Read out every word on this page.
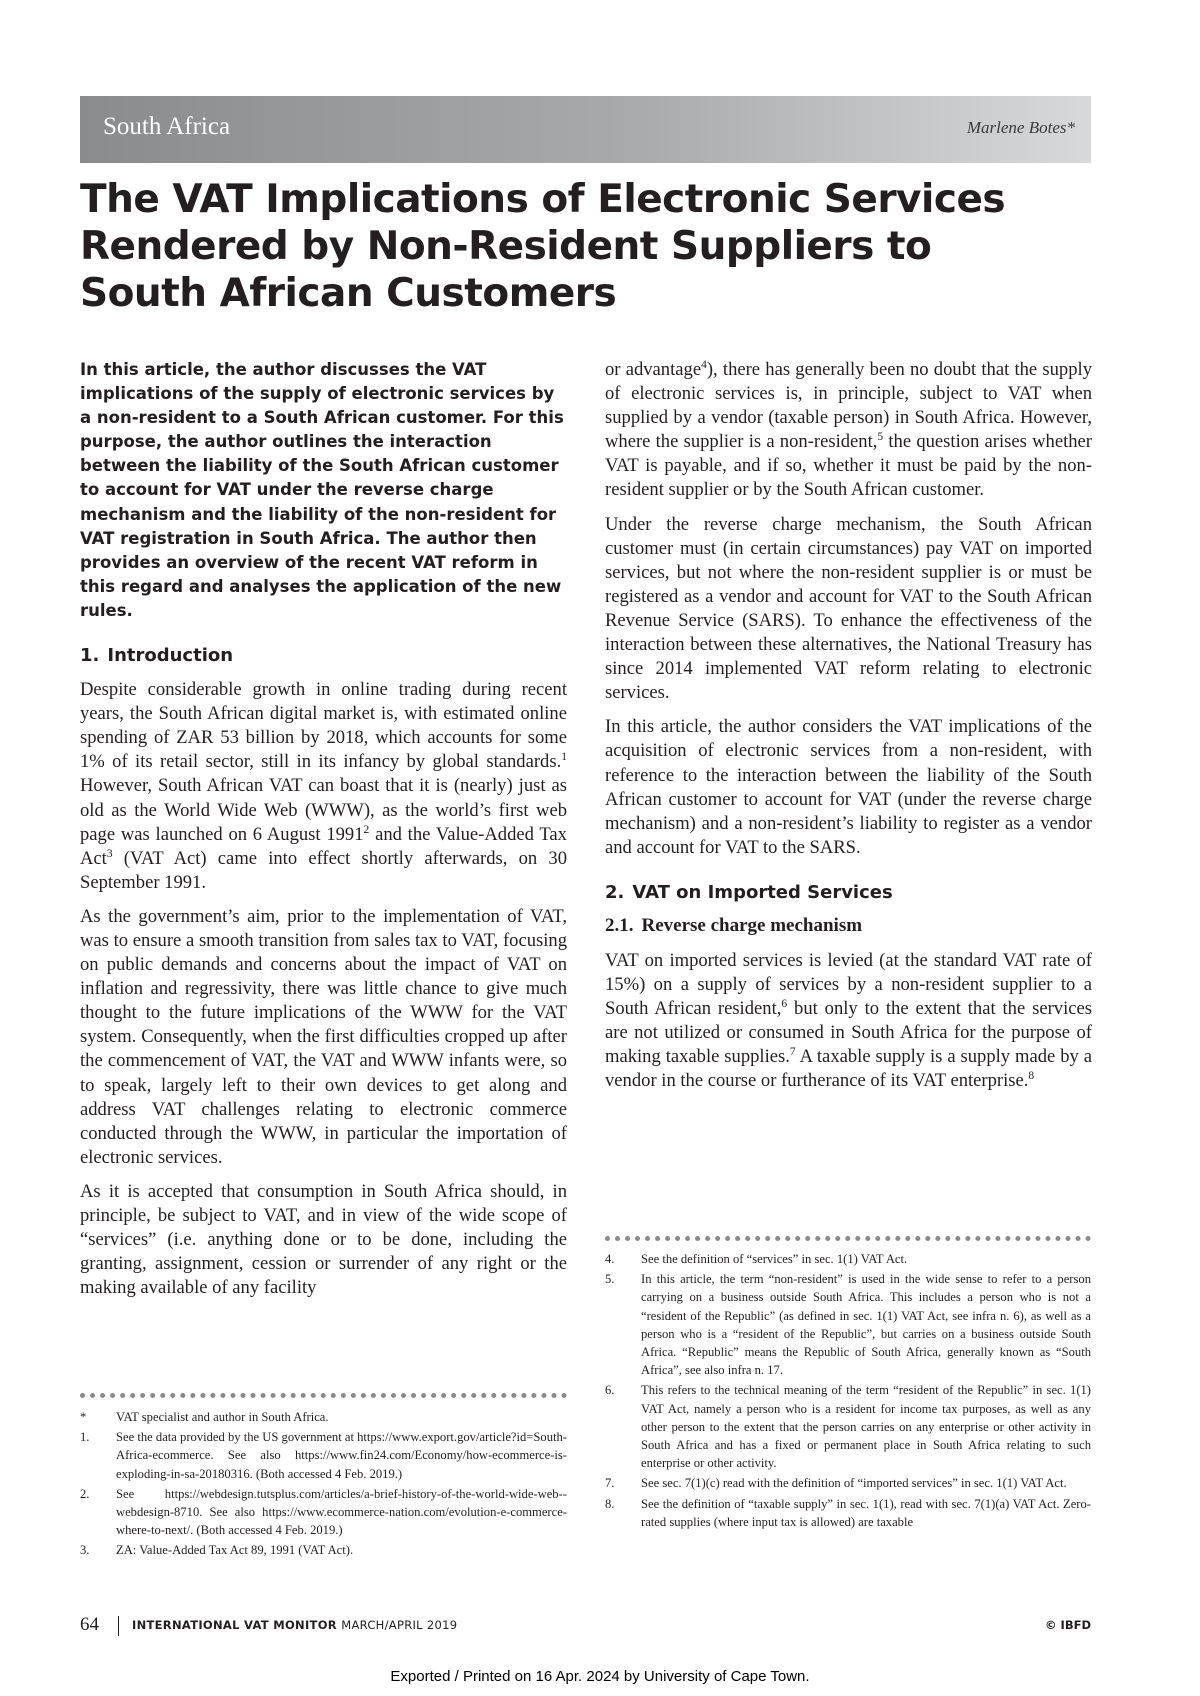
South Africa	Marlene Botes*
The VAT Implications of Electronic Services
Rendered by Non-Resident Suppliers to
South African Customers

In this article, the author discusses the VAT implications of the supply of electronic services by a non-resident to a South African customer. For this purpose, the author outlines the interaction between the liability of the South African customer to account for VAT under the reverse charge mechanism and the liability of the non-resident for VAT registration in South Africa. The author then provides an overview of the recent VAT reform in this regard and analyses the application of the new rules.

1. Introduction

Despite considerable growth in online trading during recent years, the South African digital market is, with estimated online spending of ZAR 53 billion by 2018, which accounts for some 1% of its retail sector, still in its infancy by global standards.$^1$ However, South African VAT can boast that it is (nearly) just as old as the World Wide Web (WWW), as the world’s first web page was launched on 6 August 1991$^2$ and the Value-Added Tax Act$^3$ (VAT Act) came into effect shortly afterwards, on 30 September 1991.

As the government’s aim, prior to the implementation of VAT, was to ensure a smooth transition from sales tax to VAT, focusing on public demands and concerns about the impact of VAT on inflation and regressivity, there was little chance to give much thought to the future implications of the WWW for the VAT system. Consequently, when the first difficulties cropped up after the commencement of VAT, the VAT and WWW infants were, so to speak, largely left to their own devices to get along and address VAT challenges relating to electronic commerce conducted through the WWW, in particular the importation of electronic services.

As it is accepted that consumption in South Africa should, in principle, be subject to VAT, and in view of the wide scope of “services” (i.e. anything done or to be done, including the granting, assignment, cession or surrender of any right or the making available of any facility

or advantage$^4$), there has generally been no doubt that the supply of electronic services is, in principle, subject to VAT when supplied by a vendor (taxable person) in South Africa. However, where the supplier is a non-resident,$^5$ the question arises whether VAT is payable, and if so, whether it must be paid by the non-resident supplier or by the South African customer.

Under the reverse charge mechanism, the South African customer must (in certain circumstances) pay VAT on imported services, but not where the non-resident supplier is or must be registered as a vendor and account for VAT to the South African Revenue Service (SARS). To enhance the effectiveness of the interaction between these alternatives, the National Treasury has since 2014 implemented VAT reform relating to electronic services.

In this article, the author considers the VAT implications of the acquisition of electronic services from a non-resident, with reference to the interaction between the liability of the South African customer to account for VAT (under the reverse charge mechanism) and a non-resident’s liability to register as a vendor and account for VAT to the SARS.

2. VAT on Imported Services
2.1. Reverse charge mechanism

VAT on imported services is levied (at the standard VAT rate of 15%) on a supply of services by a non-resident supplier to a South African resident,$^6$ but only to the extent that the services are not utilized or consumed in South Africa for the purpose of making taxable supplies.$^7$ A taxable supply is a supply made by a vendor in the course or furtherance of its VAT enterprise.$^8$

*	VAT specialist and author in South Africa.
1.	See the data provided by the US government at https://www.export.gov/article?id=South-Africa-ecommerce. See also https://www.fin24.com/Economy/how-ecommerce-is-exploding-in-sa-20180316. (Both accessed 4 Feb. 2019.)
2.	See https://webdesign.tutsplus.com/articles/a-brief-history-of-the-world-wide-web--webdesign-8710. See also https://www.ecommerce-nation.com/evolution-e-commerce-where-to-next/. (Both accessed 4 Feb. 2019.)
3.	ZA: Value-Added Tax Act 89, 1991 (VAT Act).
4.	See the definition of “services” in sec. 1(1) VAT Act.
5.	In this article, the term “non-resident” is used in the wide sense to refer to a person carrying on a business outside South Africa. This includes a person who is not a “resident of the Republic” (as defined in sec. 1(1) VAT Act, see infra n. 6), as well as a person who is a “resident of the Republic”, but carries on a business outside South Africa. “Republic” means the Republic of South Africa, generally known as “South Africa”, see also infra n. 17.
6.	This refers to the technical meaning of the term “resident of the Republic” in sec. 1(1) VAT Act, namely a person who is a resident for income tax purposes, as well as any other person to the extent that the person carries on any enterprise or other activity in South Africa and has a fixed or permanent place in South Africa relating to such enterprise or other activity.
7.	See sec. 7(1)(c) read with the definition of “imported services” in sec. 1(1) VAT Act.
8.	See the definition of “taxable supply” in sec. 1(1), read with sec. 7(1)(a) VAT Act. Zero-rated supplies (where input tax is allowed) are taxable
64	INTERNATIONAL VAT MONITOR MARCH/APRIL 2019	© IBFD
Exported / Printed on 16 Apr. 2024 by University of Cape Town.
